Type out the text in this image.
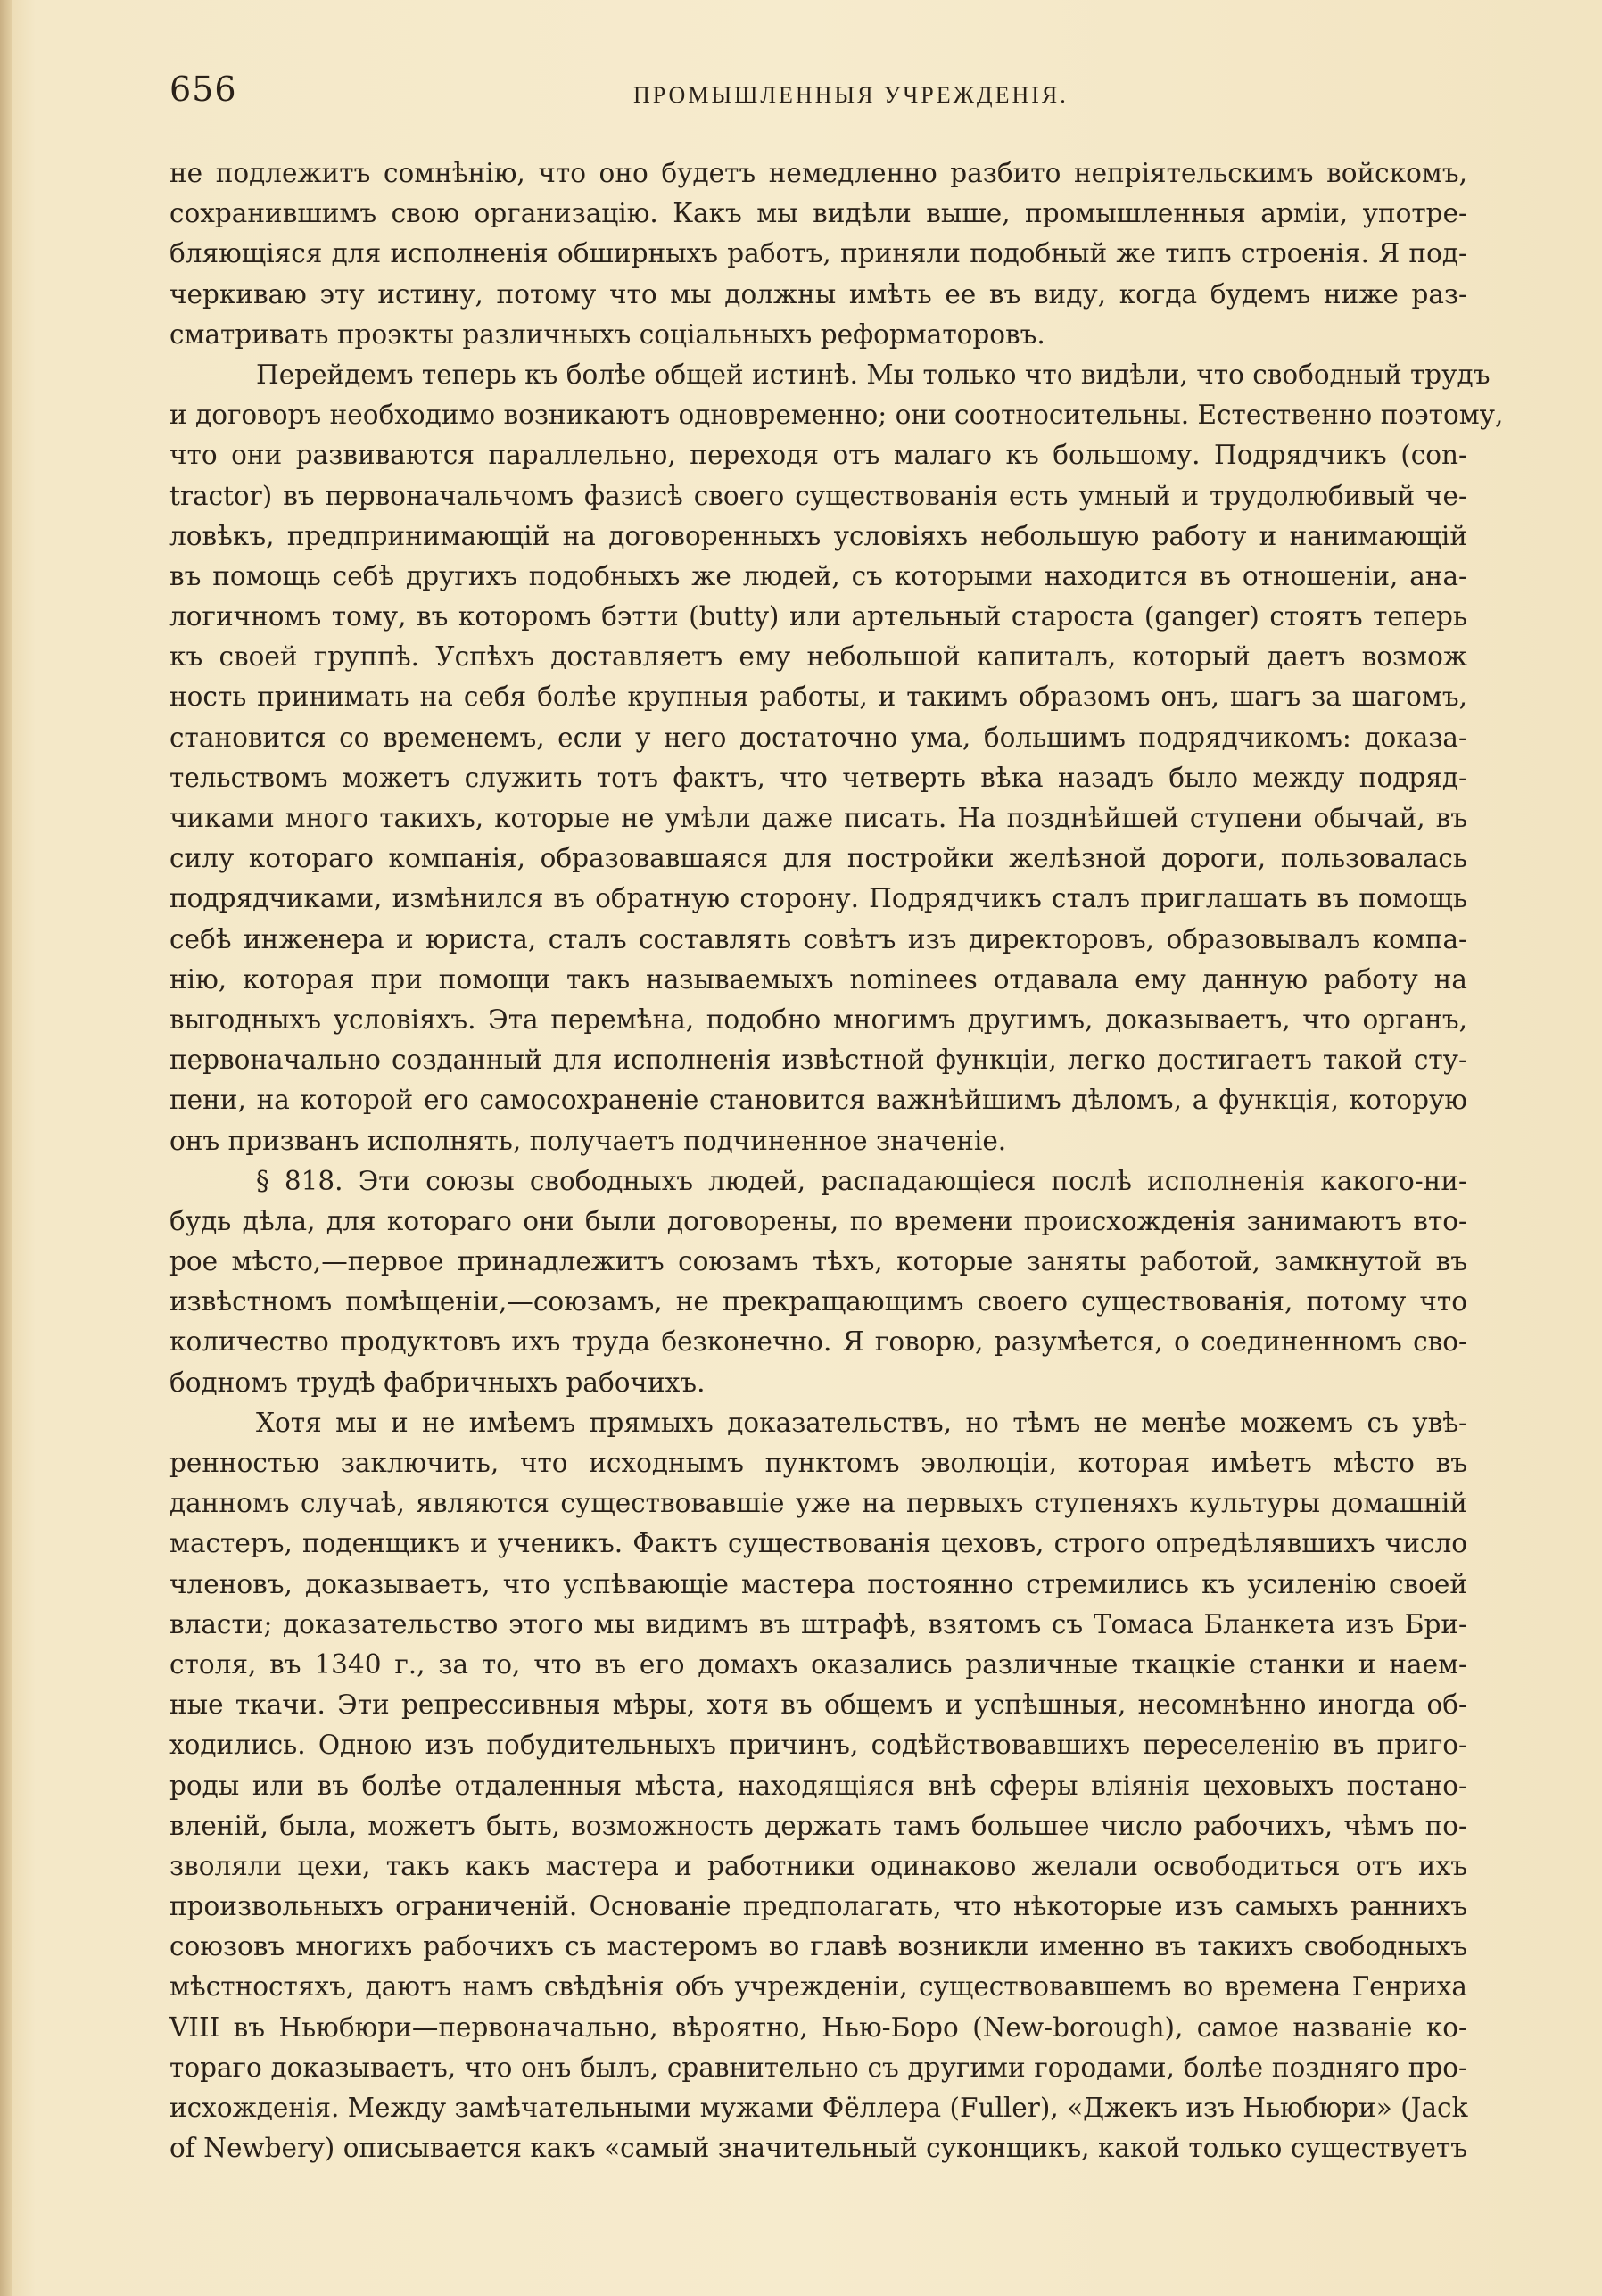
656	ПРОМЫШЛЕННЫЯ УЧРЕЖДЕНІЯ.
не подлежитъ сомнѣнію, что оно будетъ немедленно разбито непріятельскимъ войскомъ,
сохранившимъ свою организацію. Какъ мы видѣли выше, промышленныя арміи, употре-
бляющіяся для исполненія обширныхъ работъ, приняли подобный же типъ строенія. Я под-
черкиваю эту истину, потому что мы должны имѣть ее въ виду, когда будемъ ниже раз-
сматривать проэкты различныхъ соціальныхъ реформаторовъ.
Перейдемъ теперь къ болѣе общей истинѣ. Мы только что видѣли, что свободный трудъ
и договоръ необходимо возникаютъ одновременно; они соотносительны. Естественно поэтому,
что они развиваются параллельно, переходя отъ малаго къ большому. Подрядчикъ (con-
tractor) въ первоначальчомъ фазисѣ своего существованія есть умный и трудолюбивый че-
ловѣкъ, предпринимающій на договоренныхъ условіяхъ небольшую работу и нанимающій
въ помощь себѣ другихъ подобныхъ же людей, съ которыми находится въ отношеніи, ана-
логичномъ тому, въ которомъ бэтти (butty) или артельный староста (ganger) стоятъ теперь
къ своей группѣ. Успѣхъ доставляетъ ему небольшой капиталъ, который даетъ возмож
ность принимать на себя болѣе крупныя работы, и такимъ образомъ онъ, шагъ за шагомъ,
становится со временемъ, если у него достаточно ума, большимъ подрядчикомъ: доказа-
тельствомъ можетъ служить тотъ фактъ, что четверть вѣка назадъ было между подряд-
чиками много такихъ, которые не умѣли даже писать. На позднѣйшей ступени обычай, въ
силу котораго компанія, образовавшаяся для постройки желѣзной дороги, пользовалась
подрядчиками, измѣнился въ обратную сторону. Подрядчикъ сталъ приглашать въ помощь
себѣ инженера и юриста, сталъ составлять совѣтъ изъ директоровъ, образовывалъ компа-
нію, которая при помощи такъ называемыхъ nominees отдавала ему данную работу на
выгодныхъ условіяхъ. Эта перемѣна, подобно многимъ другимъ, доказываетъ, что органъ,
первоначально созданный для исполненія извѣстной функціи, легко достигаетъ такой сту-
пени, на которой его самосохраненіе становится важнѣйшимъ дѣломъ, а функція, которую
онъ призванъ исполнять, получаетъ подчиненное значеніе.
§ 818. Эти союзы свободныхъ людей, распадающіеся послѣ исполненія какого-ни-
будь дѣла, для котораго они были договорены, по времени происхожденія занимаютъ вто-
рое мѣсто,—первое принадлежитъ союзамъ тѣхъ, которые заняты работой, замкнутой въ
извѣстномъ помѣщеніи,—союзамъ, не прекращающимъ своего существованія, потому что
количество продуктовъ ихъ труда безконечно. Я говорю, разумѣется, о соединенномъ сво-
бодномъ трудѣ фабричныхъ рабочихъ.
Хотя мы и не имѣемъ прямыхъ доказательствъ, но тѣмъ не менѣе можемъ съ увѣ-
ренностью заключить, что исходнымъ пунктомъ эволюціи, которая имѣетъ мѣсто въ
данномъ случаѣ, являются существовавшіе уже на первыхъ ступеняхъ культуры домашній
мастеръ, поденщикъ и ученикъ. Фактъ существованія цеховъ, строго опредѣлявшихъ число
членовъ, доказываетъ, что успѣвающіе мастера постоянно стремились къ усиленію своей
власти; доказательство этого мы видимъ въ штрафѣ, взятомъ съ Томаса Бланкета изъ Бри-
столя, въ 1340 г., за то, что въ его домахъ оказались различные ткацкіе станки и наем-
ные ткачи. Эти репрессивныя мѣры, хотя въ общемъ и успѣшныя, несомнѣнно иногда об-
ходились. Одною изъ побудительныхъ причинъ, содѣйствовавшихъ переселенію въ приго-
роды или въ болѣе отдаленныя мѣста, находящіяся внѣ сферы вліянія цеховыхъ постано-
вленій, была, можетъ быть, возможность держать тамъ большее число рабочихъ, чѣмъ по-
зволяли цехи, такъ какъ мастера и работники одинаково желали освободиться отъ ихъ
произвольныхъ ограниченій. Основаніе предполагать, что нѣкоторые изъ самыхъ раннихъ
союзовъ многихъ рабочихъ съ мастеромъ во главѣ возникли именно въ такихъ свободныхъ
мѣстностяхъ, даютъ намъ свѣдѣнія объ учрежденіи, существовавшемъ во времена Генриха
VIII въ Ньюбюри—первоначально, вѣроятно, Нью-Боро (New-borough), самое названіе ко-
тораго доказываетъ, что онъ былъ, сравнительно съ другими городами, болѣе поздняго про-
исхожденія. Между замѣчательными мужами Фёллера (Fuller), «Джекъ изъ Ньюбюри» (Jack
of Newbery) описывается какъ «самый значительный суконщикъ, какой только существуетъ
